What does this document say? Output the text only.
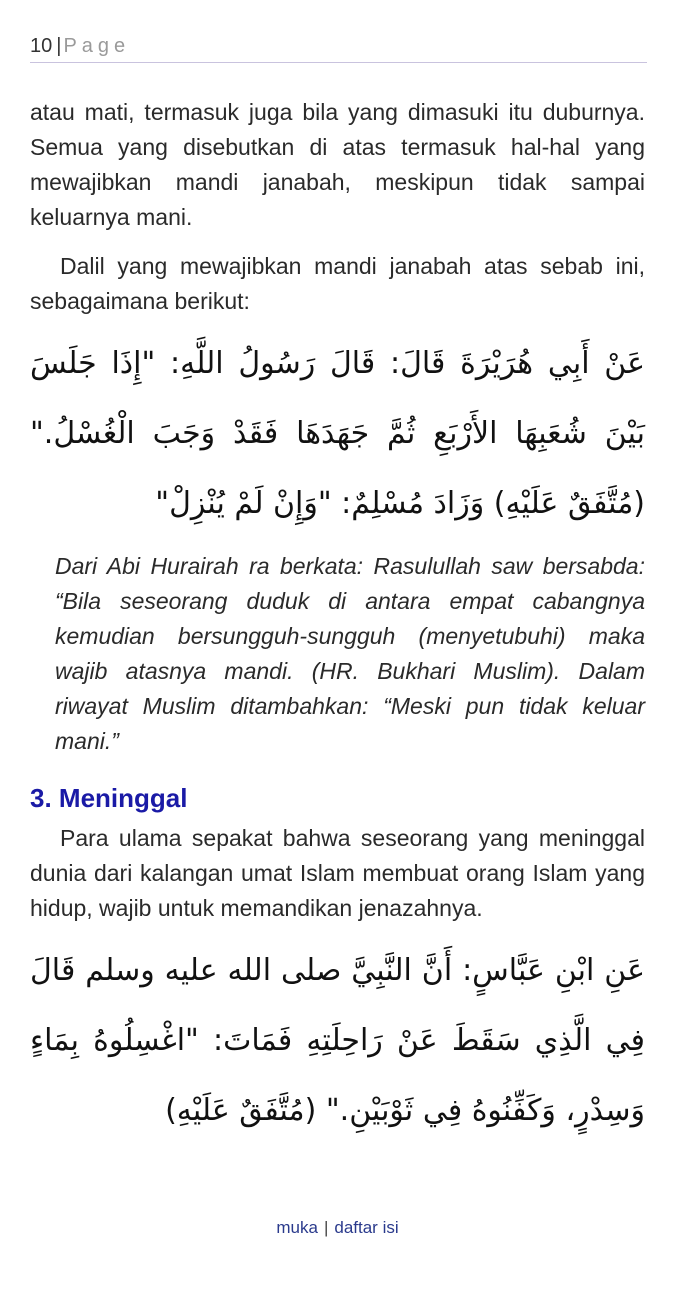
10 | Page

atau mati, termasuk juga bila yang dimasuki itu duburnya. Semua yang disebutkan di atas termasuk hal-hal yang mewajibkan mandi janabah, meskipun tidak sampai keluarnya mani.

Dalil yang mewajibkan mandi janabah atas sebab ini, sebagaimana berikut:

عَنْ أَبِي هُرَيْرَةَ قَالَ: قَالَ رَسُولُ اللَّهِ: "إِذَا جَلَسَ بَيْنَ شُعَبِهَا الأَرْبَعِ ثُمَّ جَهَدَهَا فَقَدْ وَجَبَ الْغُسْلُ." (مُتَّفَقٌ عَلَيْهِ) وَزَادَ مُسْلِمٌ: "وَإِنْ لَمْ يُنْزِلْ"

Dari Abi Hurairah ra berkata: Rasulullah saw bersabda: “Bila seseorang duduk di antara empat cabangnya kemudian bersungguh-sungguh (menyetubuhi) maka wajib atasnya mandi. (HR. Bukhari Muslim). Dalam riwayat Muslim ditambahkan: “Meski pun tidak keluar mani.”

3. Meninggal

Para ulama sepakat bahwa seseorang yang meninggal dunia dari kalangan umat Islam membuat orang Islam yang hidup, wajib untuk memandikan jenazahnya.

عَنِ ابْنِ عَبَّاسٍ: أَنَّ النَّبِيَّ صلى الله عليه وسلم قَالَ فِي الَّذِي سَقَطَ عَنْ رَاحِلَتِهِ فَمَاتَ: "اغْسِلُوهُ بِمَاءٍ وَسِدْرٍ، وَكَفِّنُوهُ فِي ثَوْبَيْنِ." (مُتَّفَقٌ عَلَيْهِ)
muka | daftar isi
